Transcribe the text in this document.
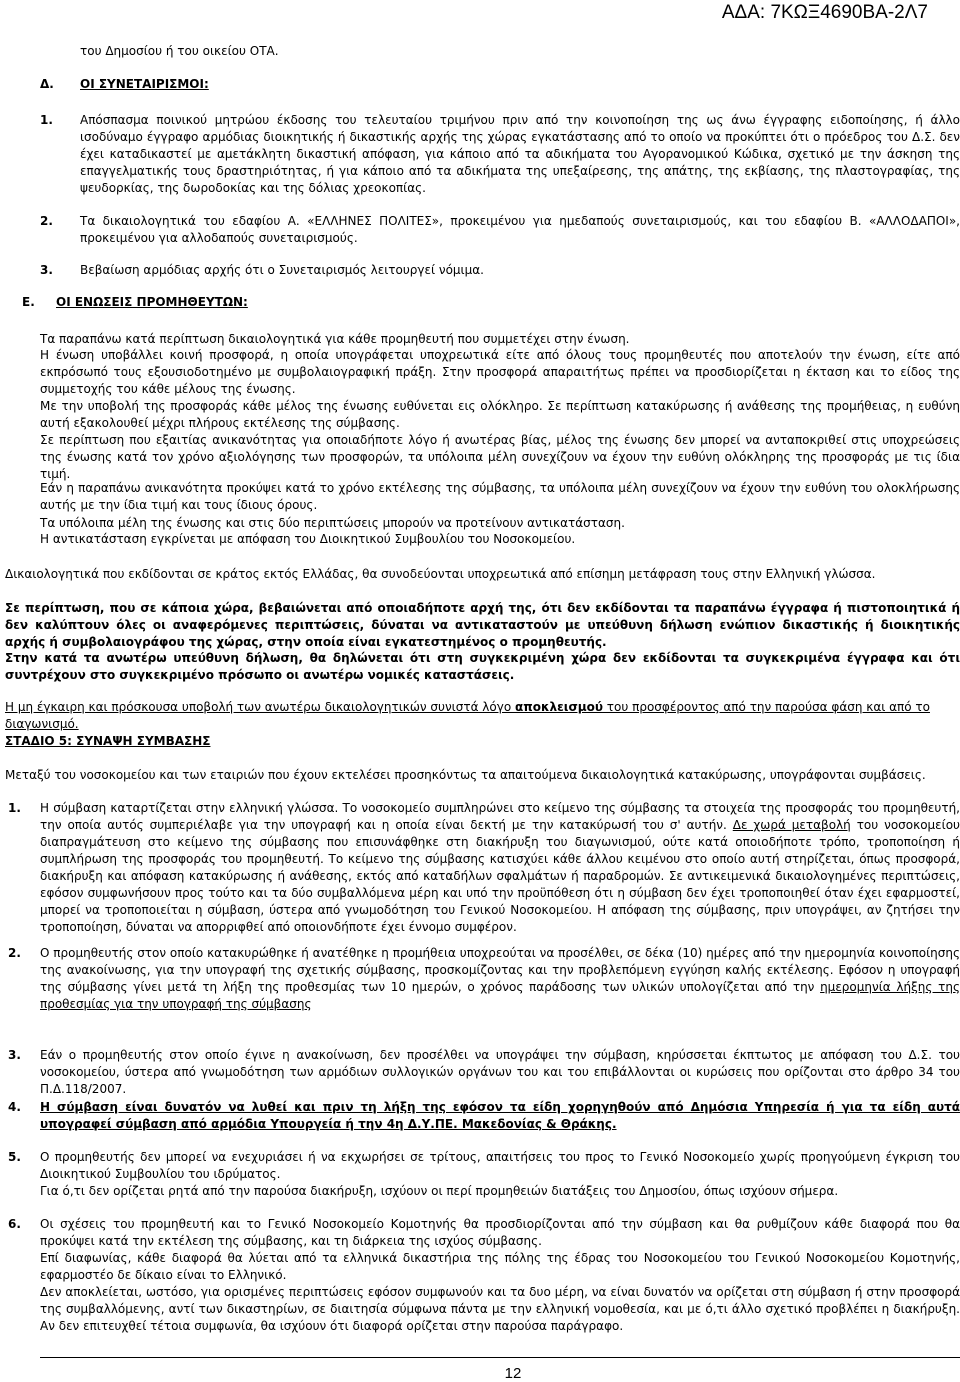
ΑΔΑ: 7ΚΩΞ4690ΒΑ-2Λ7
του Δημοσίου ή του οικείου ΟΤΑ.
Δ. ΟΙ ΣΥΝΕΤΑΙΡΙΣΜΟΙ:
1. Απόσπασμα ποινικού μητρώου έκδοσης του τελευταίου τριμήνου πριν από την κοινοποίηση της ως άνω έγγραφης ειδοποίησης, ή άλλο ισοδύναμο έγγραφο αρμόδιας διοικητικής ή δικαστικής αρχής της χώρας εγκατάστασης από το οποίο να προκύπτει ότι ο πρόεδρος του Δ.Σ. δεν έχει καταδικαστεί με αμετάκλητη δικαστική απόφαση, για κάποιο από τα αδικήματα του Αγορανομικού Κώδικα, σχετικό με την άσκηση της επαγγελματικής τους δραστηριότητας, ή για κάποιο από τα αδικήματα της υπεξαίρεσης, της απάτης, της εκβίασης, της πλαστογραφίας, της ψευδορκίας, της δωροδοκίας και της δόλιας χρεοκοπίας.
2. Τα δικαιολογητικά του εδαφίου Α. «ΕΛΛΗΝΕΣ ΠΟΛΙΤΕΣ», προκειμένου για ημεδαπούς συνεταιρισμούς, και του εδαφίου Β. «ΑΛΛΟΔΑΠΟΙ», προκειμένου για αλλοδαπούς συνεταιρισμούς.
3. Βεβαίωση αρμόδιας αρχής ότι ο Συνεταιρισμός λειτουργεί νόμιμα.
Ε. ΟΙ ΕΝΩΣΕΙΣ ΠΡΟΜΗΘΕΥΤΩΝ:
Τα παραπάνω κατά περίπτωση δικαιολογητικά για κάθε προμηθευτή που συμμετέχει στην ένωση.
Η ένωση υποβάλλει κοινή προσφορά, η οποία υπογράφεται υποχρεωτικά είτε από όλους τους προμηθευτές που αποτελούν την ένωση, είτε από εκπρόσωπό τους εξουσιοδοτημένο με συμβολαιογραφική πράξη. Στην προσφορά απαραιτήτως πρέπει να προσδιορίζεται η έκταση και το είδος της συμμετοχής του κάθε μέλους της ένωσης.
Με την υποβολή της προσφοράς κάθε μέλος της ένωσης ευθύνεται εις ολόκληρο. Σε περίπτωση κατακύρωσης ή ανάθεσης της προμήθειας, η ευθύνη αυτή εξακολουθεί μέχρι πλήρους εκτέλεσης της σύμβασης.
Σε περίπτωση που εξαιτίας ανικανότητας για οποιαδήποτε λόγο ή ανωτέρας βίας, μέλος της ένωσης δεν μπορεί να ανταποκριθεί στις υποχρεώσεις της ένωσης κατά τον χρόνο αξιολόγησης των προσφορών, τα υπόλοιπα μέλη συνεχίζουν να έχουν την ευθύνη ολόκληρης της προσφοράς με τις ίδια τιμή.
Εάν η παραπάνω ανικανότητα προκύψει κατά το χρόνο εκτέλεσης της σύμβασης, τα υπόλοιπα μέλη συνεχίζουν να έχουν την ευθύνη του ολοκλήρωσης αυτής με την ίδια τιμή και τους ίδιους όρους.
Τα υπόλοιπα μέλη της ένωσης και στις δύο περιπτώσεις μπορούν να προτείνουν αντικατάσταση.
Η αντικατάσταση εγκρίνεται με απόφαση του Διοικητικού Συμβουλίου του Νοσοκομείου.
Δικαιολογητικά που εκδίδονται σε κράτος εκτός Ελλάδας, θα συνοδεύονται υποχρεωτικά από επίσημη μετάφραση τους στην Ελληνική γλώσσα.
Σε περίπτωση, που σε κάποια χώρα, βεβαιώνεται από οποιαδήποτε αρχή της, ότι δεν εκδίδονται τα παραπάνω έγγραφα ή πιστοποιητικά ή δεν καλύπτουν όλες οι αναφερόμενες περιπτώσεις, δύναται να αντικαταστούν με υπεύθυνη δήλωση ενώπιον δικαστικής ή διοικητικής αρχής ή συμβολαιογράφου της χώρας, στην οποία είναι εγκατεστημένος ο προμηθευτής.
Στην κατά τα ανωτέρω υπεύθυνη δήλωση, θα δηλώνεται ότι στη συγκεκριμένη χώρα δεν εκδίδονται τα συγκεκριμένα έγγραφα και ότι συντρέχουν στο συγκεκριμένο πρόσωπο οι ανωτέρω νομικές καταστάσεις.
Η μη έγκαιρη και πρόσκουσα υποβολή των ανωτέρω δικαιολογητικών συνιστά λόγο αποκλεισμού του προσφέροντος από την παρούσα φάση και από το διαγωνισμό.
ΣΤΑΔΙΟ 5: ΣΥΝΑΨΗ ΣΥΜΒΑΣΗΣ
Μεταξύ του νοσοκομείου και των εταιριών που έχουν εκτελέσει προσηκόντως τα απαιτούμενα δικαιολογητικά κατακύρωσης, υπογράφονται συμβάσεις.
1. Η σύμβαση καταρτίζεται στην ελληνική γλώσσα. Το νοσοκομείο συμπληρώνει στο κείμενο της σύμβασης τα στοιχεία της προσφοράς του προμηθευτή, την οποία αυτός συμπεριέλαβε για την υπογραφή και η οποία είναι δεκτή με την κατακύρωσή του σ' αυτήν. Δε χωρά μεταβολή του νοσοκομείου διαπραγμάτευση στο κείμενο της σύμβασης που επισυνάφθηκε στη διακήρυξη του διαγωνισμού, ούτε κατά οποιοδήποτε τρόπο, τροποποίηση ή συμπλήρωση της προσφοράς του προμηθευτή. Το κείμενο της σύμβασης κατισχύει κάθε άλλου κειμένου στο οποίο αυτή στηρίζεται, όπως προσφορά, διακήρυξη και απόφαση κατακύρωσης ή ανάθεσης, εκτός από καταδήλων σφαλμάτων ή παραδρομών. Σε αντικειμενικά δικαιολογημένες περιπτώσεις, εφόσον συμφωνήσουν προς τούτο και τα δύο συμβαλλόμενα μέρη και υπό την προϋπόθεση ότι η σύμβαση δεν έχει τροποποιηθεί όταν έχει εφαρμοστεί, μπορεί να τροποποιείται η σύμβαση, ύστερα από γνωμοδότηση του Γενικού Νοσοκομείου. Η απόφαση της σύμβασης, πριν υπογράψει, αν ζητήσει την τροποποίηση, δύναται να απορριφθεί από οποιονδήποτε έχει έννομο συμφέρον.
2. Ο προμηθευτής στον οποίο κατακυρώθηκε ή ανατέθηκε η προμήθεια υποχρεούται να προσέλθει, σε δέκα (10) ημέρες από την ημερομηνία κοινοποίησης της ανακοίνωσης, για την υπογραφή της σχετικής σύμβασης, προσκομίζοντας και την προβλεπόμενη εγγύηση καλής εκτέλεσης. Εφόσον η υπογραφή της σύμβασης γίνει μετά τη λήξη της προθεσμίας των 10 ημερών, ο χρόνος παράδοσης των υλικών υπολογίζεται από την ημερομηνία λήξης της προθεσμίας για την υπογραφή της σύμβασης
3. Εάν ο προμηθευτής στον οποίο έγινε η ανακοίνωση, δεν προσέλθει να υπογράψει την σύμβαση, κηρύσσεται έκπτωτος με απόφαση του Δ.Σ. του νοσοκομείου, ύστερα από γνωμοδότηση των αρμόδιων συλλογικών οργάνων του και του επιβάλλονται οι κυρώσεις που ορίζονται στο άρθρο 34 του Π.Δ.118/2007.
4. Η σύμβαση είναι δυνατόν να λυθεί και πριν τη λήξη της εφόσον τα είδη χορηγηθούν από Δημόσια Υπηρεσία ή για τα είδη αυτά υπογραφεί σύμβαση από αρμόδια Υπουργεία ή την 4η Δ.Υ.ΠΕ. Μακεδονίας & Θράκης.
5. Ο προμηθευτής δεν μπορεί να ενεχυριάσει ή να εκχωρήσει σε τρίτους, απαιτήσεις του προς το Γενικό Νοσοκομείο χωρίς προηγούμενη έγκριση του Διοικητικού Συμβουλίου του ιδρύματος.
Για ό,τι δεν ορίζεται ρητά από την παρούσα διακήρυξη, ισχύουν οι περί προμηθειών διατάξεις του Δημοσίου, όπως ισχύουν σήμερα.
6. Οι σχέσεις του προμηθευτή και το Γενικό Νοσοκομείο Κομοτηνής θα προσδιορίζονται από την σύμβαση και θα ρυθμίζουν κάθε διαφορά που θα προκύψει κατά την εκτέλεση της σύμβασης, και τη διάρκεια της ισχύος σύμβασης.
Επί διαφωνίας, κάθε διαφορά θα λύεται από τα ελληνικά δικαστήρια της πόλης της έδρας του Νοσοκομείου του Γενικού Νοσοκομείου Κομοτηνής, εφαρμοστέο δε δίκαιο είναι το Ελληνικό.
Δεν αποκλείεται, ωστόσο, για ορισμένες περιπτώσεις εφόσον συμφωνούν και τα δυο μέρη, να είναι δυνατόν να ορίζεται στη σύμβαση ή στην προσφορά της συμβαλλόμενης, αντί των δικαστηρίων, σε διαιτησία σύμφωνα πάντα με την ελληνική νομοθεσία, και με ό,τι άλλο σχετικό προβλέπει η διακήρυξη. Αν δεν επιτευχθεί τέτοια συμφωνία, θα ισχύουν ότι διαφορά ορίζεται στην παρούσα παράγραφο.
12
